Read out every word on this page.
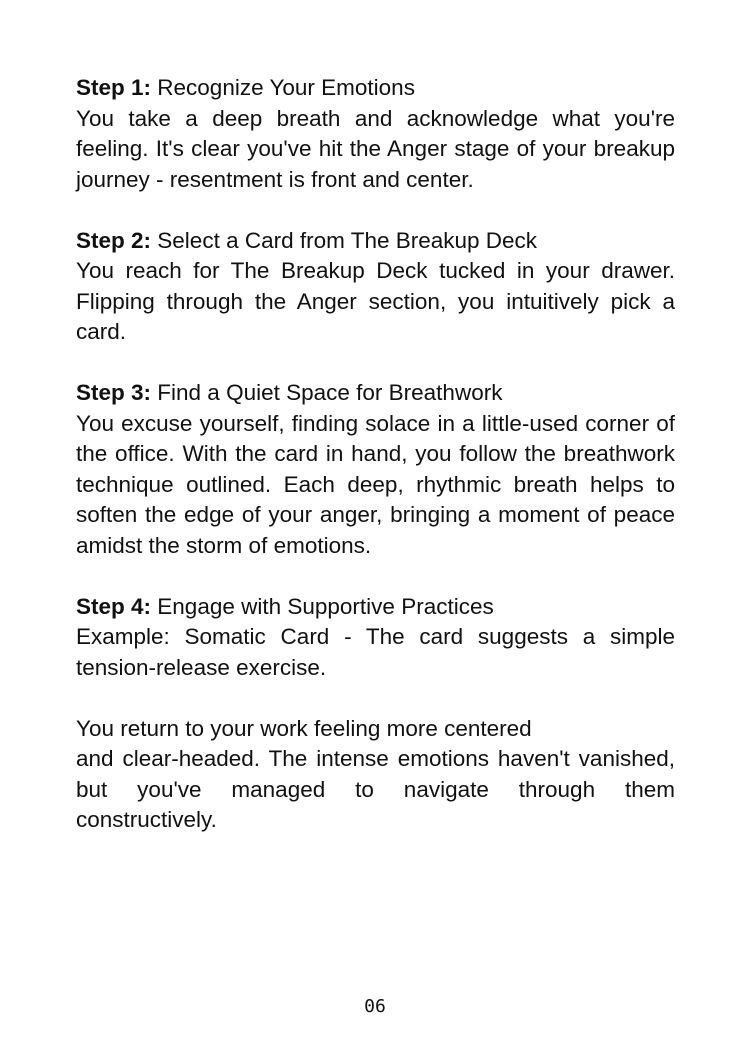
Step 1: Recognize Your Emotions
You take a deep breath and acknowledge what you're feeling. It's clear you've hit the Anger stage of your breakup journey - resentment is front and center.
Step 2: Select a Card from The Breakup Deck
You reach for The Breakup Deck tucked in your drawer. Flipping through the Anger section, you intuitively pick a card.
Step 3: Find a Quiet Space for Breathwork
You excuse yourself, finding solace in a little-used corner of the office. With the card in hand, you follow the breathwork technique outlined. Each deep, rhythmic breath helps to soften the edge of your anger, bringing a moment of peace amidst the storm of emotions.
Step 4: Engage with Supportive Practices
Example: Somatic Card - The card suggests a simple tension-release exercise.
You return to your work feeling more centered
and clear-headed. The intense emotions haven't vanished, but you've managed to navigate through them constructively.
06
